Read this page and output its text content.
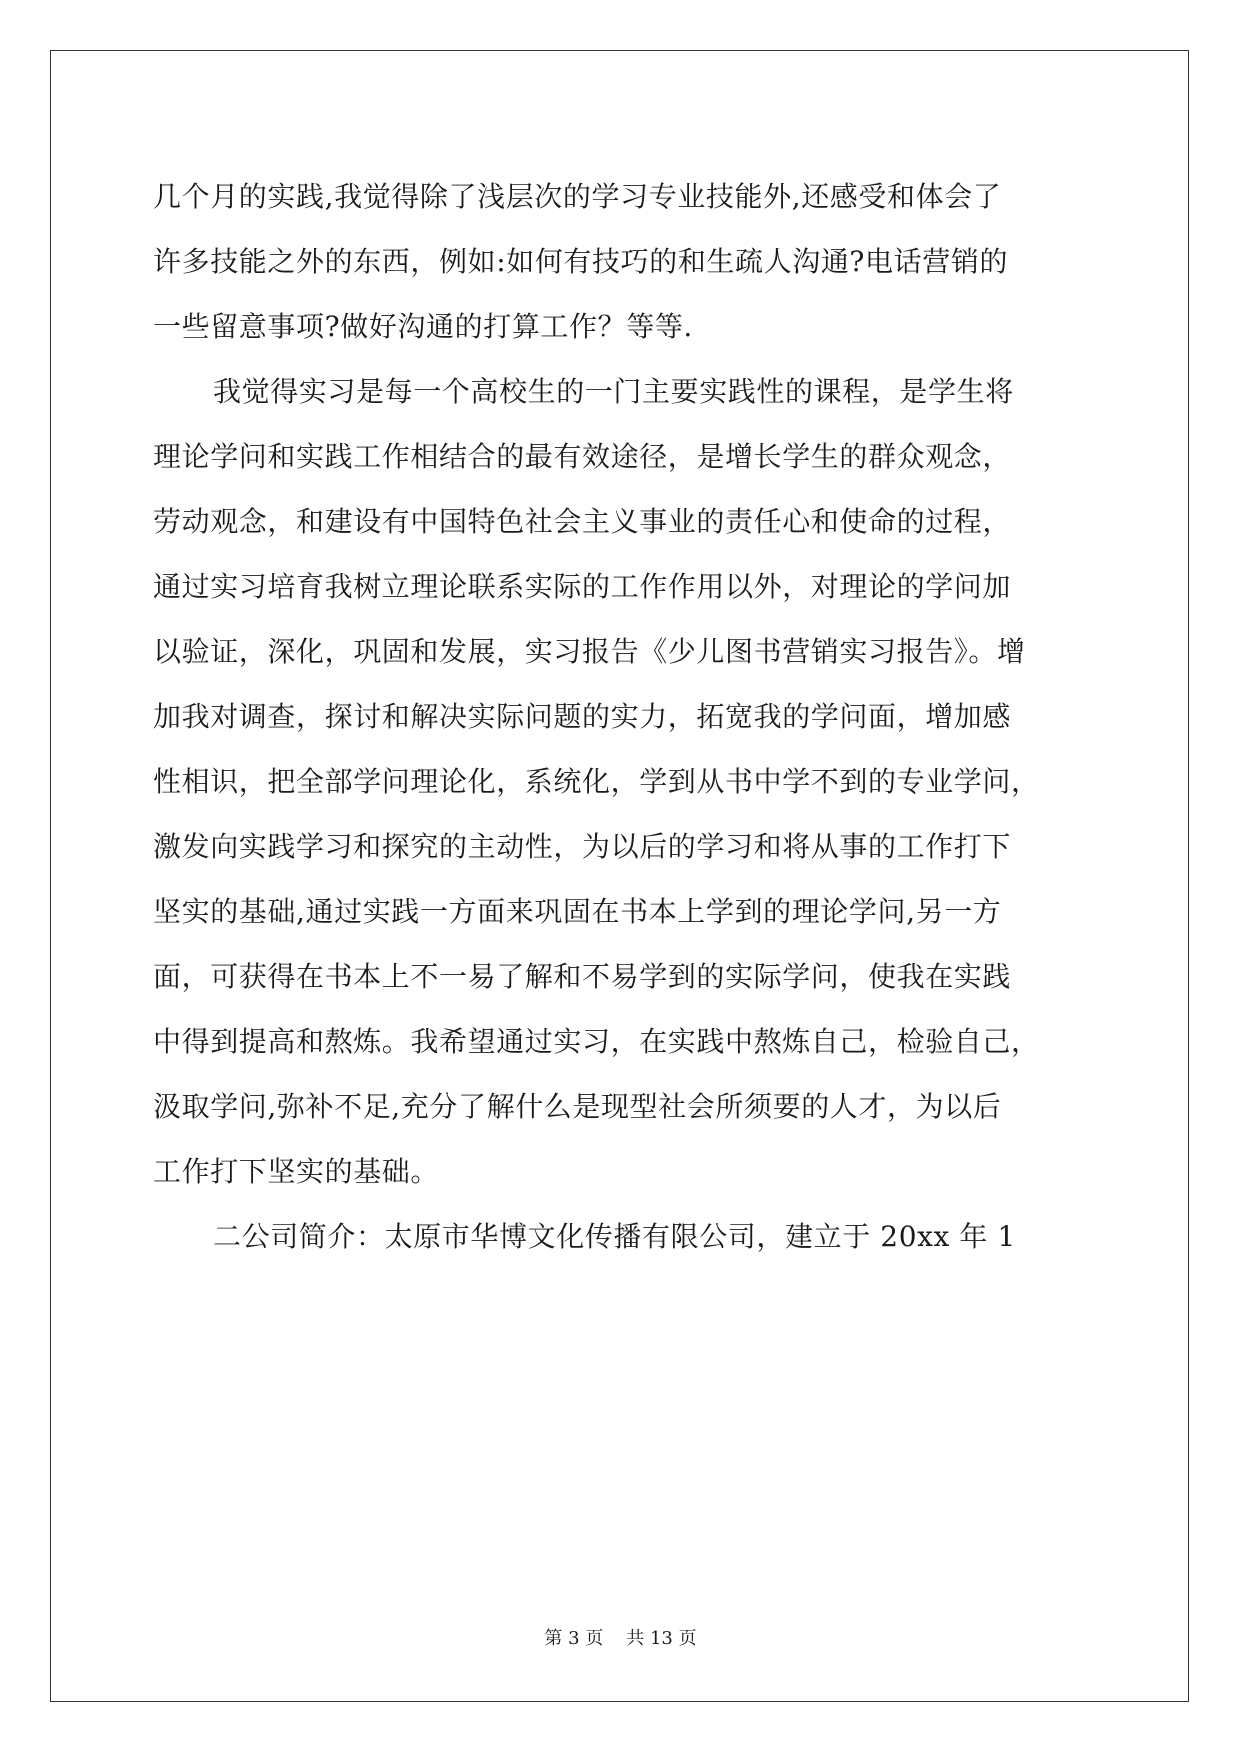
几个月的实践,我觉得除了浅层次的学习专业技能外,还感受和体会了
许多技能之外的东西，例如:如何有技巧的和生疏人沟通?电话营销的
一些留意事项?做好沟通的打算工作？等等.
我觉得实习是每一个高校生的一门主要实践性的课程，是学生将
理论学问和实践工作相结合的最有效途径，是增长学生的群众观念，
劳动观念，和建设有中国特色社会主义事业的责任心和使命的过程，
通过实习培育我树立理论联系实际的工作作用以外，对理论的学问加
以验证，深化，巩固和发展，实习报告《少儿图书营销实习报告》。增
加我对调查，探讨和解决实际问题的实力，拓宽我的学问面，增加感
性相识，把全部学问理论化，系统化，学到从书中学不到的专业学问，
激发向实践学习和探究的主动性，为以后的学习和将从事的工作打下
坚实的基础,通过实践一方面来巩固在书本上学到的理论学问,另一方
面，可获得在书本上不一易了解和不易学到的实际学问，使我在实践
中得到提高和熬炼。我希望通过实习，在实践中熬炼自己，检验自己，
汲取学问,弥补不足,充分了解什么是现型社会所须要的人才，为以后
工作打下坚实的基础。
二公司简介：太原市华博文化传播有限公司，建立于 20xx 年 1
第 3 页 共 13 页
